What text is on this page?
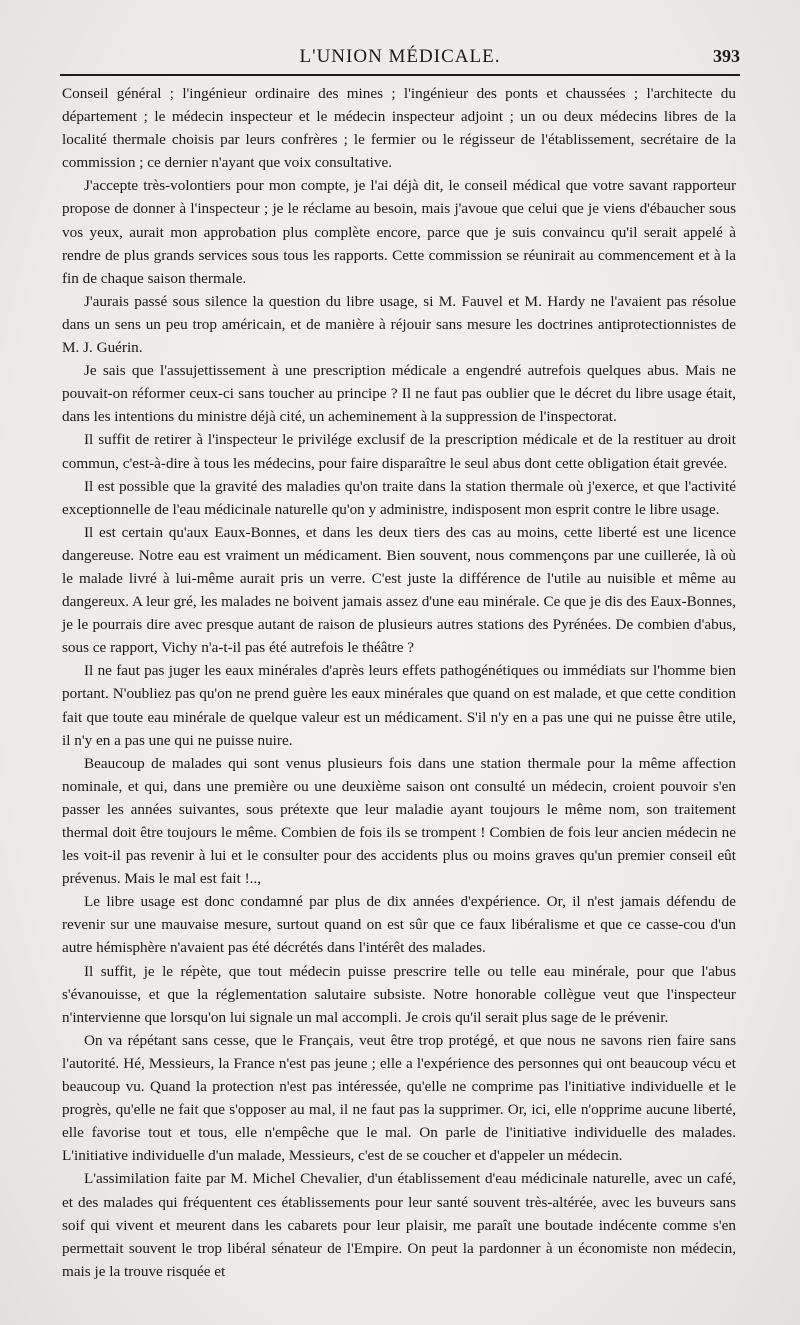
L'UNION MÉDICALE.	393

Conseil général ; l'ingénieur ordinaire des mines ; l'ingénieur des ponts et chaussées ; l'architecte du département ; le médecin inspecteur et le médecin inspecteur adjoint ; un ou deux médecins libres de la localité thermale choisis par leurs confrères ; le fermier ou le régisseur de l'établissement, secrétaire de la commission ; ce dernier n'ayant que voix consultative.

J'accepte très-volontiers pour mon compte, je l'ai déjà dit, le conseil médical que votre savant rapporteur propose de donner à l'inspecteur ; je le réclame au besoin, mais j'avoue que celui que je viens d'ébaucher sous vos yeux, aurait mon approbation plus complète encore, parce que je suis convaincu qu'il serait appelé à rendre de plus grands services sous tous les rapports. Cette commission se réunirait au commencement et à la fin de chaque saison thermale.

J'aurais passé sous silence la question du libre usage, si M. Fauvel et M. Hardy ne l'avaient pas résolue dans un sens un peu trop américain, et de manière à réjouir sans mesure les doctrines antiprotectionnistes de M. J. Guérin.

Je sais que l'assujettissement à une prescription médicale a engendré autrefois quelques abus. Mais ne pouvait-on réformer ceux-ci sans toucher au principe ? Il ne faut pas oublier que le décret du libre usage était, dans les intentions du ministre déjà cité, un acheminement à la suppression de l'inspectorat.

Il suffit de retirer à l'inspecteur le privilége exclusif de la prescription médicale et de la restituer au droit commun, c'est-à-dire à tous les médecins, pour faire disparaître le seul abus dont cette obligation était grevée.

Il est possible que la gravité des maladies qu'on traite dans la station thermale où j'exerce, et que l'activité exceptionnelle de l'eau médicinale naturelle qu'on y administre, indisposent mon esprit contre le libre usage.

Il est certain qu'aux Eaux-Bonnes, et dans les deux tiers des cas au moins, cette liberté est une licence dangereuse. Notre eau est vraiment un médicament. Bien souvent, nous commençons par une cuillerée, là où le malade livré à lui-même aurait pris un verre. C'est juste la différence de l'utile au nuisible et même au dangereux. A leur gré, les malades ne boivent jamais assez d'une eau minérale. Ce que je dis des Eaux-Bonnes, je le pourrais dire avec presque autant de raison de plusieurs autres stations des Pyrénées. De combien d'abus, sous ce rapport, Vichy n'a-t-il pas été autrefois le théâtre ?

Il ne faut pas juger les eaux minérales d'après leurs effets pathogénétiques ou immédiats sur l'homme bien portant. N'oubliez pas qu'on ne prend guère les eaux minérales que quand on est malade, et que cette condition fait que toute eau minérale de quelque valeur est un médicament. S'il n'y en a pas une qui ne puisse être utile, il n'y en a pas une qui ne puisse nuire.

Beaucoup de malades qui sont venus plusieurs fois dans une station thermale pour la même affection nominale, et qui, dans une première ou une deuxième saison ont consulté un médecin, croient pouvoir s'en passer les années suivantes, sous prétexte que leur maladie ayant toujours le même nom, son traitement thermal doit être toujours le même. Combien de fois ils se trompent ! Combien de fois leur ancien médecin ne les voit-il pas revenir à lui et le consulter pour des accidents plus ou moins graves qu'un premier conseil eût prévenus. Mais le mal est fait !..,

Le libre usage est donc condamné par plus de dix années d'expérience. Or, il n'est jamais défendu de revenir sur une mauvaise mesure, surtout quand on est sûr que ce faux libéralisme et que ce casse-cou d'un autre hémisphère n'avaient pas été décrétés dans l'intérêt des malades.

Il suffit, je le répète, que tout médecin puisse prescrire telle ou telle eau minérale, pour que l'abus s'évanouisse, et que la réglementation salutaire subsiste. Notre honorable collègue veut que l'inspecteur n'intervienne que lorsqu'on lui signale un mal accompli. Je crois qu'il serait plus sage de le prévenir.

On va répétant sans cesse, que le Français, veut être trop protégé, et que nous ne savons rien faire sans l'autorité. Hé, Messieurs, la France n'est pas jeune ; elle a l'expérience des personnes qui ont beaucoup vécu et beaucoup vu. Quand la protection n'est pas intéressée, qu'elle ne comprime pas l'initiative individuelle et le progrès, qu'elle ne fait que s'opposer au mal, il ne faut pas la supprimer. Or, ici, elle n'opprime aucune liberté, elle favorise tout et tous, elle n'empêche que le mal. On parle de l'initiative individuelle des malades. L'initiative individuelle d'un malade, Messieurs, c'est de se coucher et d'appeler un médecin.

L'assimilation faite par M. Michel Chevalier, d'un établissement d'eau médicinale naturelle, avec un café, et des malades qui fréquentent ces établissements pour leur santé souvent très-altérée, avec les buveurs sans soif qui vivent et meurent dans les cabarets pour leur plaisir, me paraît une boutade indécente comme s'en permettait souvent le trop libéral sénateur de l'Empire. On peut la pardonner à un économiste non médecin, mais je la trouve risquée et
